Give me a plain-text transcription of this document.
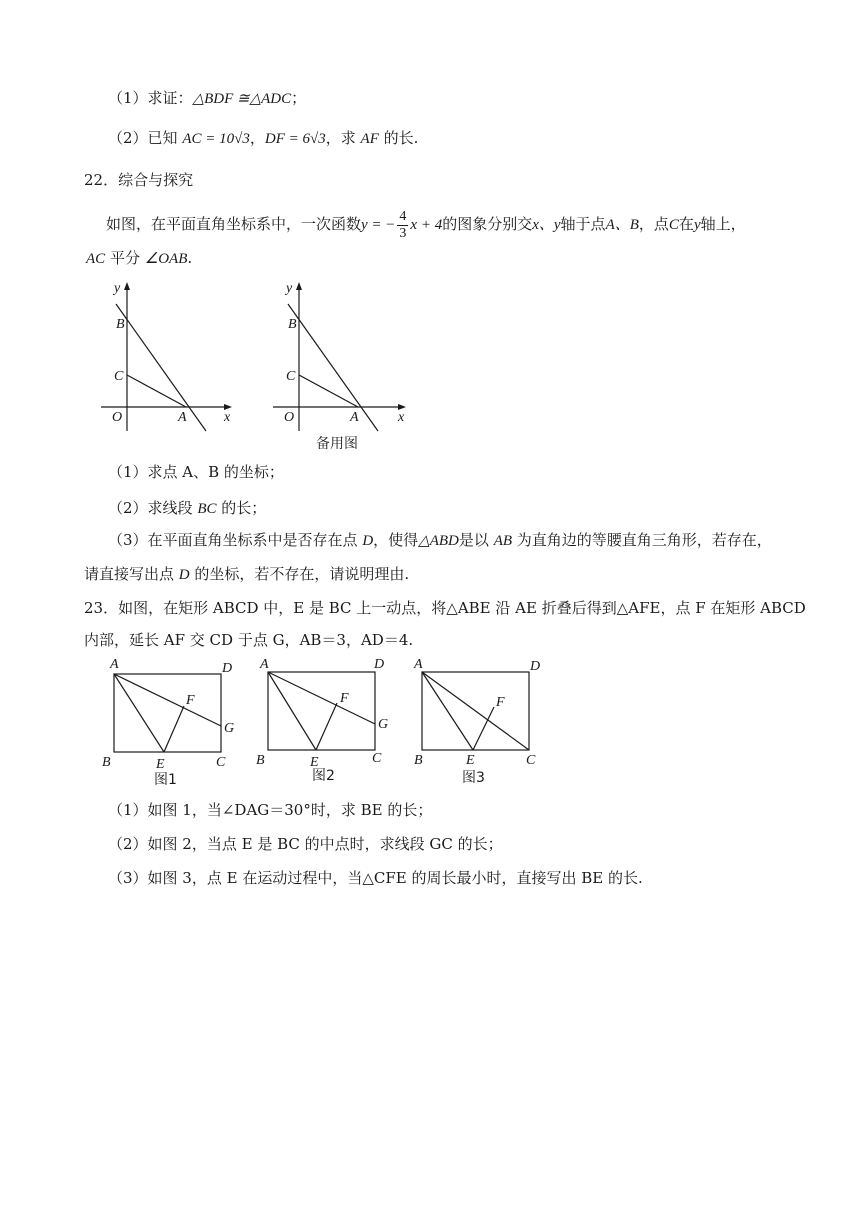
（1）求证：△BDF ≅△ADC；
（2）已知 AC = 10√3，DF = 6√3，求 AF 的长.
22．综合与探究
如图，在平面直角坐标系中，一次函数y = − $\frac{4}{3}$ x + 4的图象分别交x、y轴于点A、B，点C在y轴上，
AC 平分 ∠OAB.
y
B
C
O	A	x
y
B
C
O	A	x
备用图
（1）求点 A、B 的坐标；
（2）求线段 BC 的长；
（3）在平面直角坐标系中是否存在点 D，使得△ABD是以 AB 为直角边的等腰直角三角形，若存在，
请直接写出点 D 的坐标，若不存在，请说明理由.
23．如图，在矩形 ABCD 中，E 是 BC 上一动点，将△ABE 沿 AE 折叠后得到△AFE，点 F 在矩形 ABCD
内部，延长 AF 交 CD 于点 G，AB＝3，AD＝4.
A	D
F
G
B	E	C
图1
A	D
F
G
B	E	C
图2
A	D
F
B	E	C
图3
（1）如图 1，当∠DAG＝30°时，求 BE 的长；
（2）如图 2，当点 E 是 BC 的中点时，求线段 GC 的长；
（3）如图 3，点 E 在运动过程中，当△CFE 的周长最小时，直接写出 BE 的长.
